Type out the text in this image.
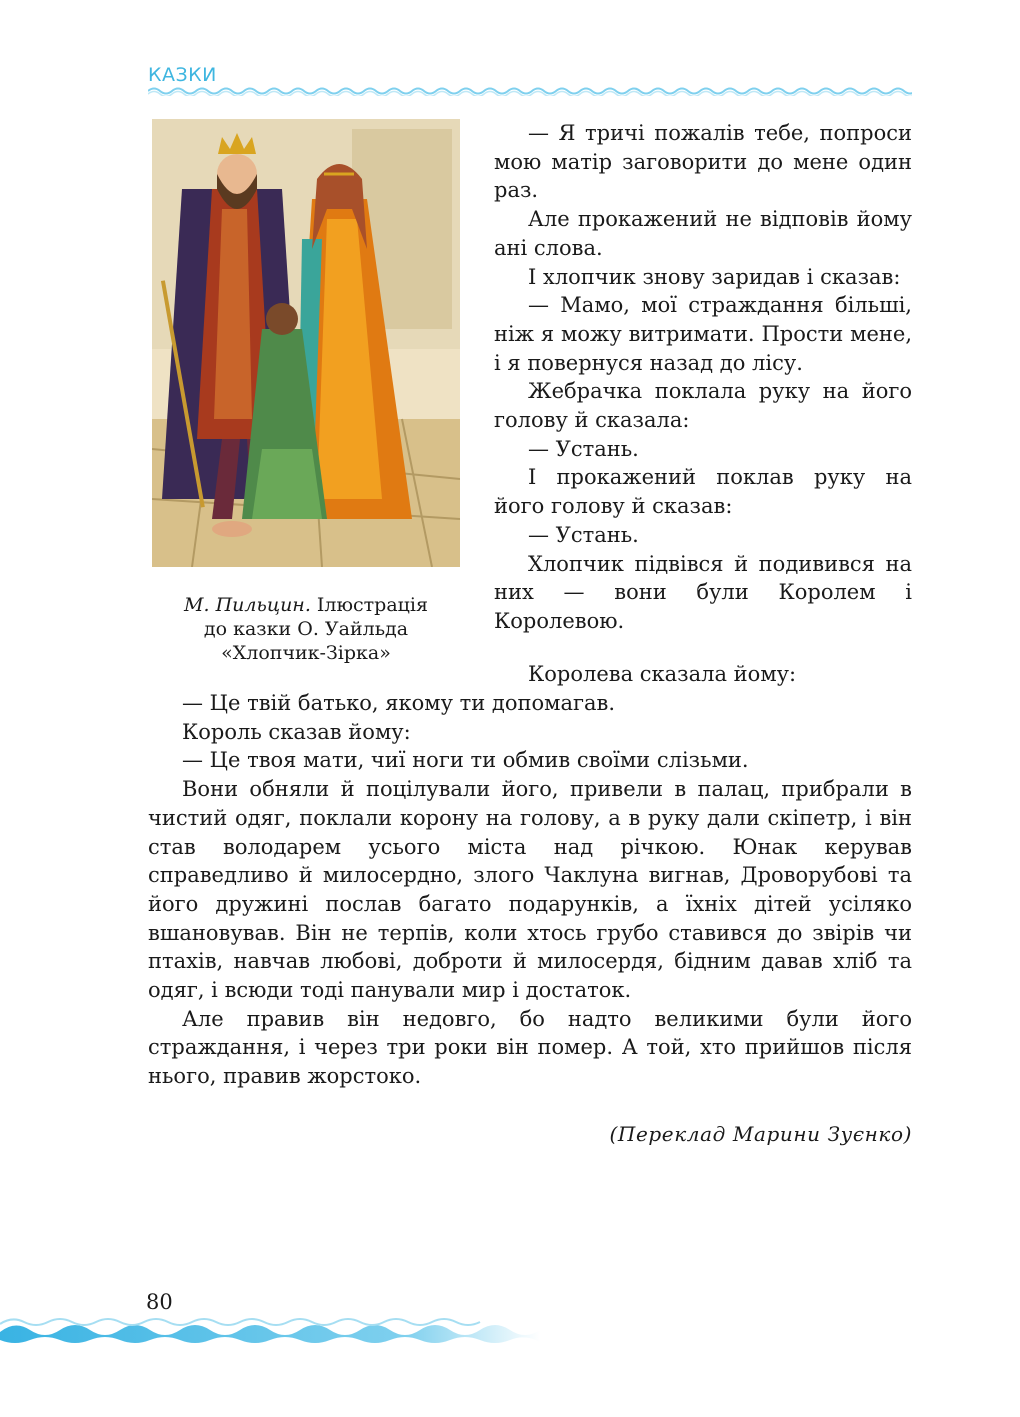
КАЗКИ
М. Пильцин. Ілюстрація
до казки О. Уайльда
«Хлопчик-Зірка»

— Я тричі пожалів тебе, попроси мою матір заговорити до мене один раз.

Але прокажений не відповів йому ані слова.

І хлопчик знову заридав і сказав:

— Мамо, мої страждання більші, ніж я можу витримати. Прости мене, і я повернуся назад до лісу.

Жебрачка поклала руку на його голову й сказала:

— Устань.

І прокажений поклав руку на його голову й сказав:

— Устань.

Хлопчик підвівся й подивився на них — вони були Королем і Королевою.

Королева сказала йому:

— Це твій батько, якому ти допомагав.

Король сказав йому:

— Це твоя мати, чиї ноги ти обмив своїми слізьми.

Вони обняли й поцілували його, привели в палац, прибрали в чистий одяг, поклали корону на голову, а в руку дали скіпетр, і він став володарем усього міста над річкою. Юнак керував справедливо й милосердно, злого Чаклуна вигнав, Дроворубові та його дружині послав багато подарунків, а їхніх дітей усіляко вшановував. Він не терпів, коли хтось грубо ставився до звірів чи птахів, навчав любові, доброти й милосердя, бідним давав хліб та одяг, і всюди тоді панували мир і достаток.

Але правив він недовго, бо надто великими були його страждання, і через три роки він помер. А той, хто прийшов після нього, правив жорстоко.

(Переклад Марини Зуєнко)
80
